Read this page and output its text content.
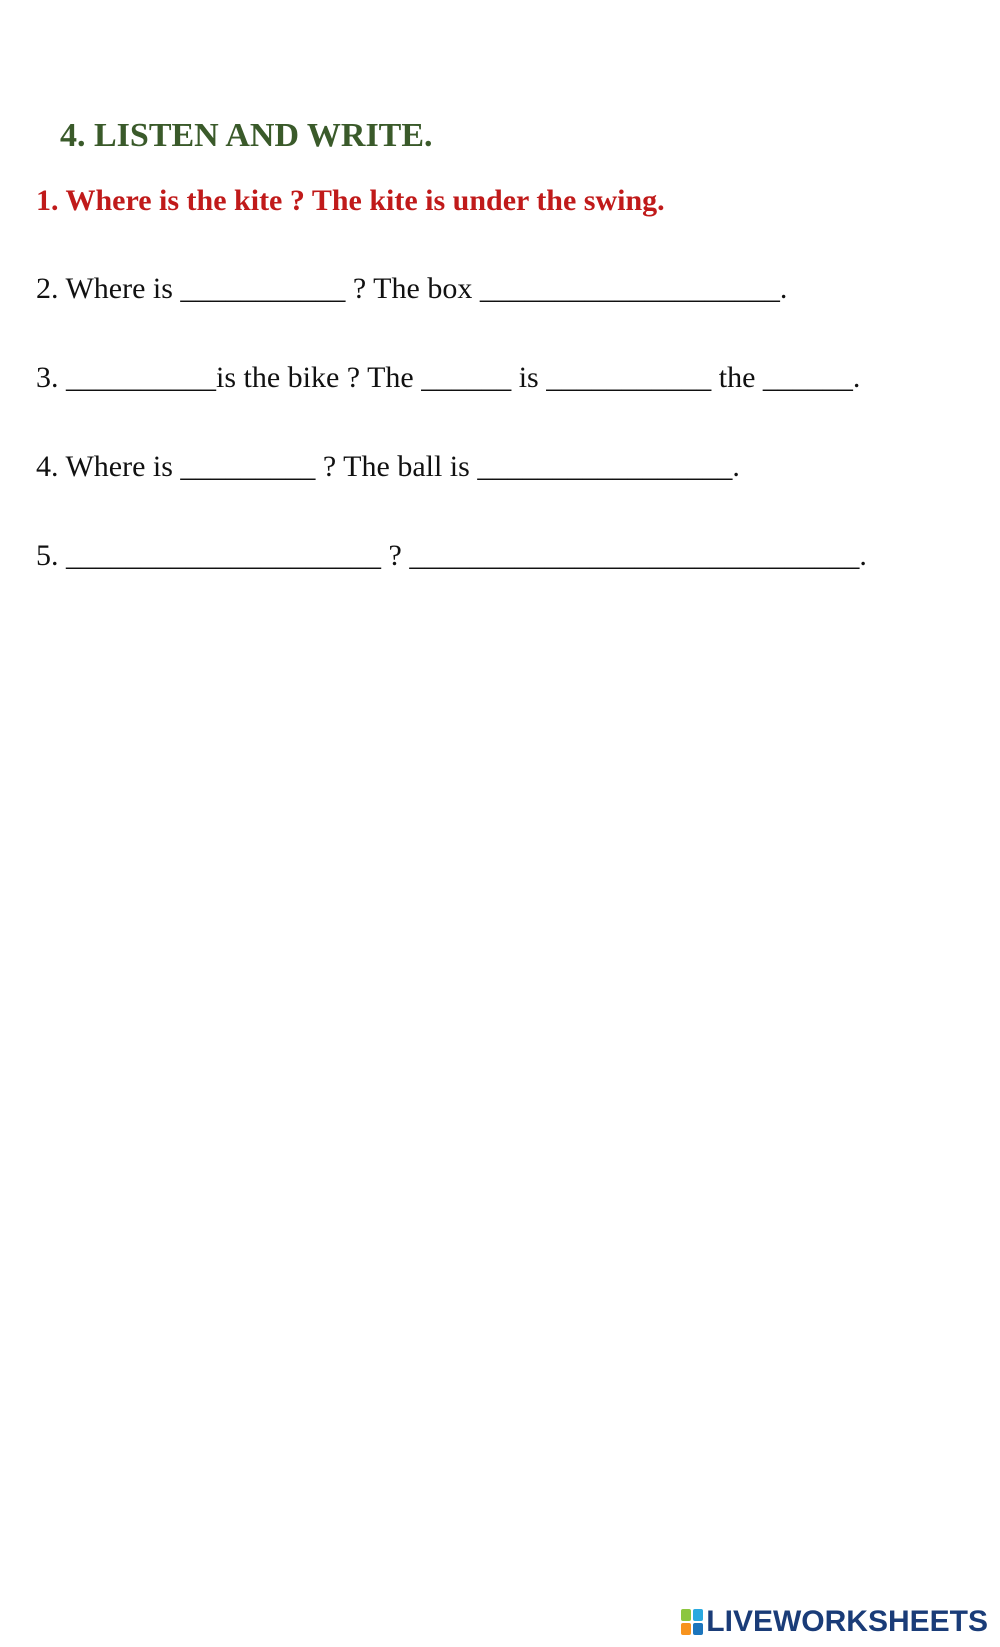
4. LISTEN AND WRITE.
1. Where is the kite ? The kite is under the swing.
2. Where is ___________ ? The box ____________________.
3. __________is the bike ? The ______ is ___________ the ______.
4. Where is _________ ? The ball is _________________.
5. _____________________ ? ______________________________.
LIVEWORKSHEETS
